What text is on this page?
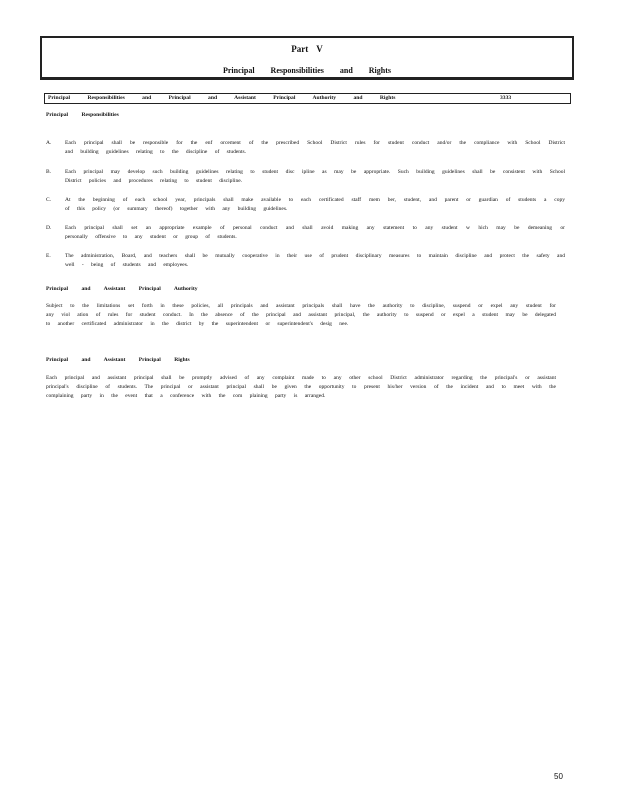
Part V
Principal Responsibilities and Rights
Principal Responsibilities and Principal and Assistant Principal Authority and Rights	3333
Principal Responsibilities
A. Each principal shall be responsible for the enf orcement of the prescribed School District rules for student conduct and/or the compliance with School District and building guidelines relating to the discipline of students.
B.	Each principal may develop such building guidelines relating to student disc ipline as may be appropriate. Such building guidelines shall be consistent with School District policies and procedures relating to student discipline.
C.	At the beginning of each school year, principals shall make available to each certificated staff mem ber, student, and parent or guardian of students a copy of this policy (or summary thereof) together with any building guidelines.
D. Each principal shall set an appropriate example of personal conduct and shall avoid making any statement to any student w hich may be demeaning or personally offensive to any student or group of students.
E.	The administration, Board, and teachers shall be mutually cooperative in their use of prudent disciplinary measures to maintain discipline and protect the safety and well - being of students and employees.
Principal and Assistant Principal Authority
Subject to the limitations set forth in these policies, all principals and assistant principals shall have the authority to discipline, suspend or expel any student for any viol ation of rules for student conduct. In the absence of the principal and assistant principal, the authority to suspend or expel a student may be delegated to another certificated administrator in the district by the superintendent or superintendent's desig nee.
Principal and Assistant Principal Rights
Each principal and assistant principal shall be promptly advised of any complaint made to any other school District administrator regarding the principal's or assistant principal's discipline of students. The principal or assistant principal shall be given the opportunity to present his/her version of the incident and to meet with the complaining party in the event that a conference with the com plaining party is arranged.
50
